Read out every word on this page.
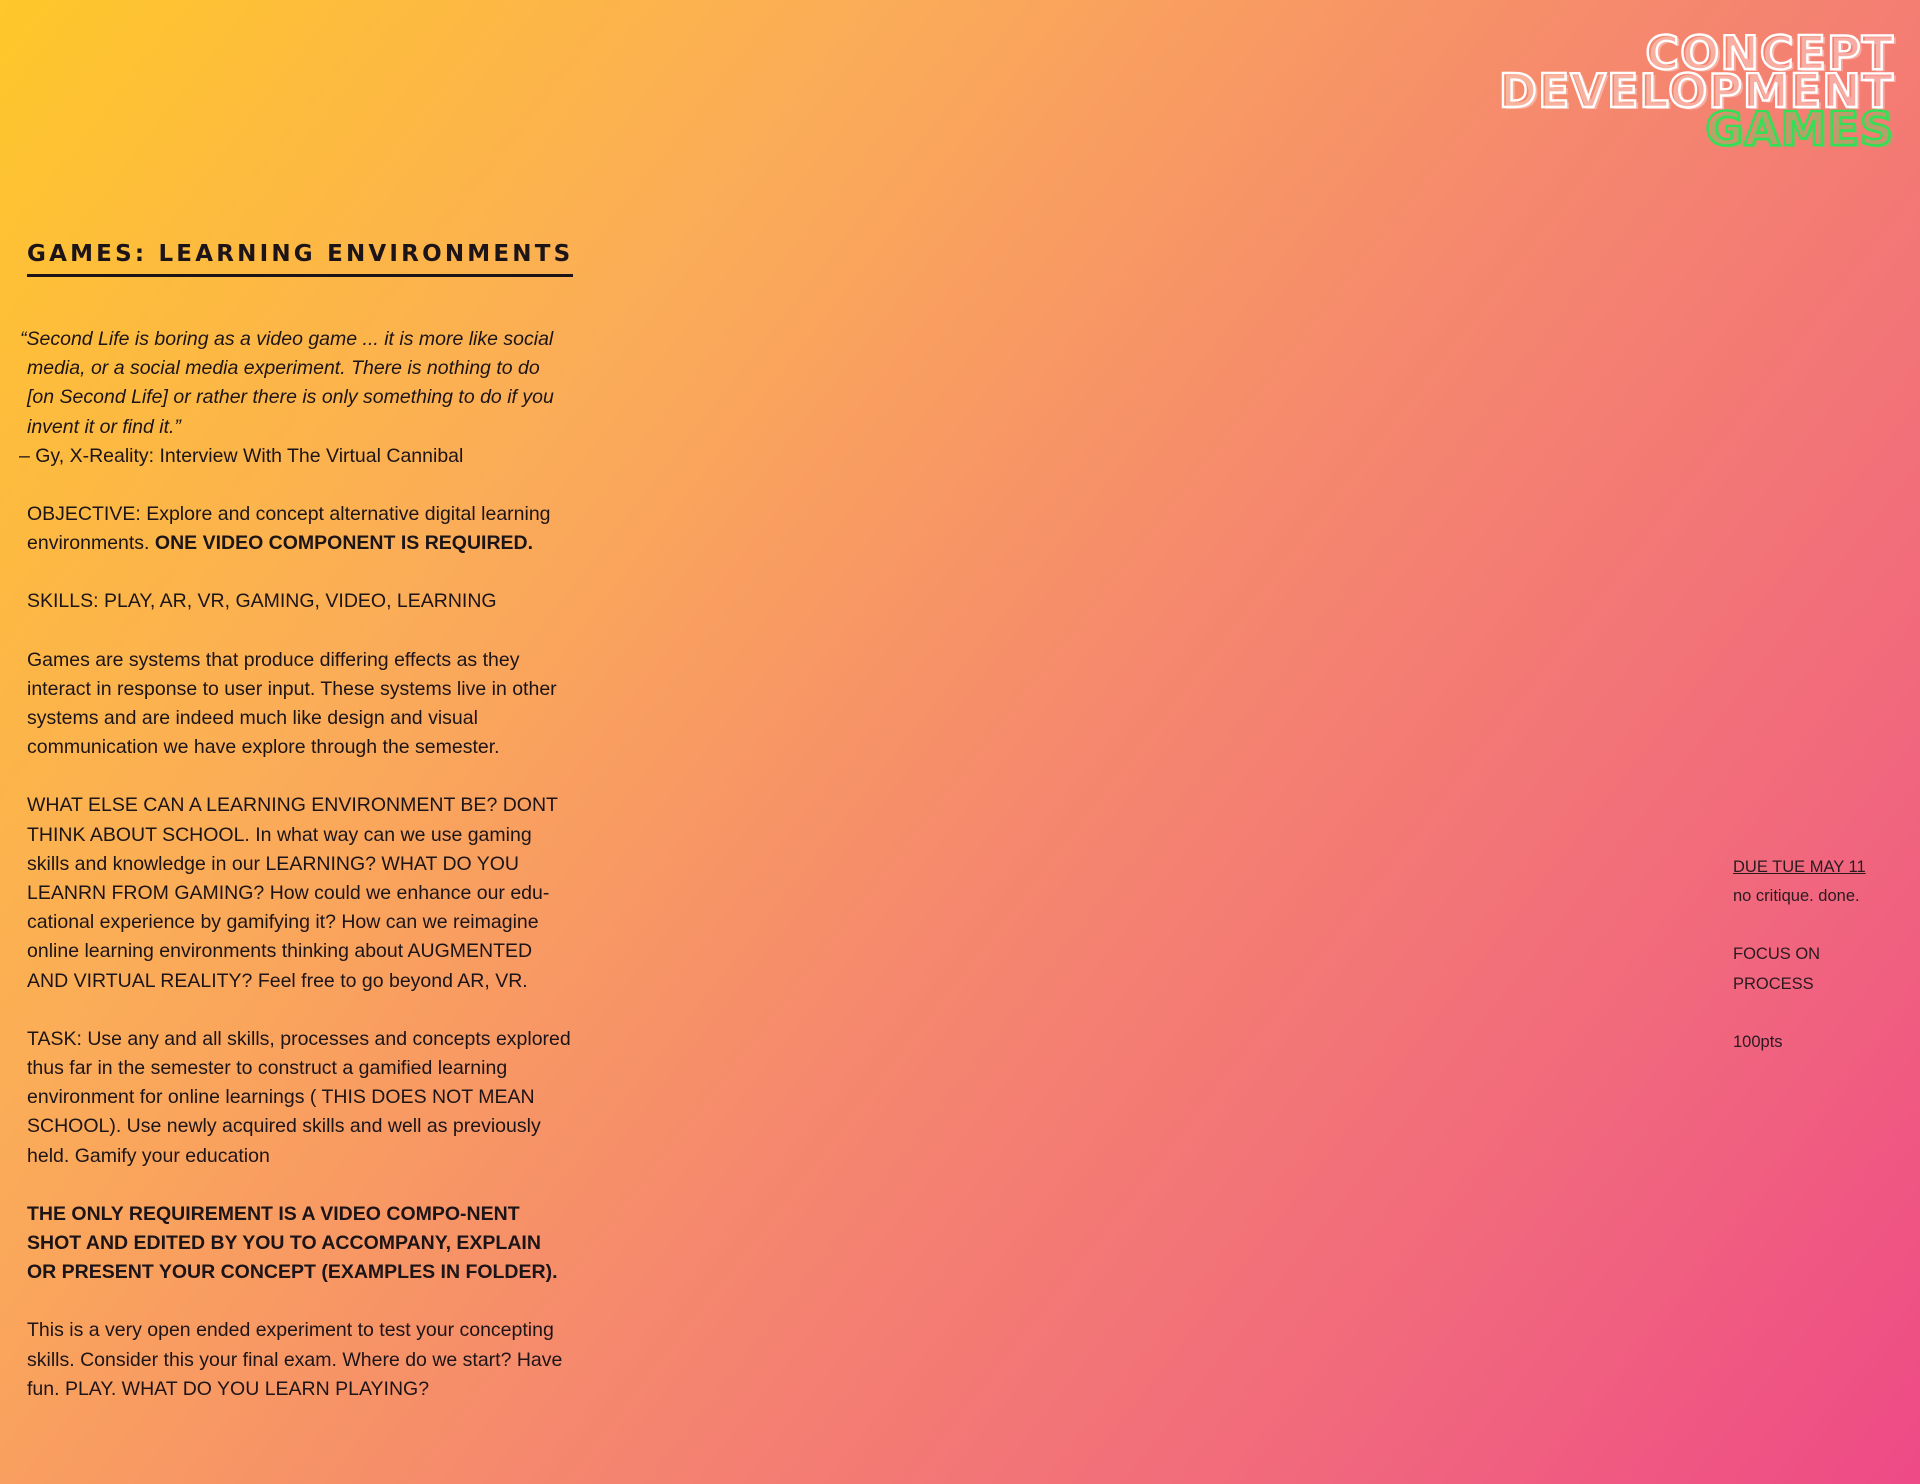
CONCEPT
DEVELOPMENT
GAMES
GAMES: LEARNING ENVIRONMENTS
“Second Life is boring as a video game ... it is more like social media, or a social media experiment. There is nothing to do [on Second Life] or rather there is only something to do if you invent it or find it.”
– Gy, X-Reality: Interview With The Virtual Cannibal
OBJECTIVE: Explore and concept alternative digital learning environments. ONE VIDEO COMPONENT IS REQUIRED.
SKILLS: PLAY, AR, VR, GAMING, VIDEO, LEARNING
Games are systems that produce differing effects as they interact in response to user input. These systems live in other systems and are indeed much like design and visual communication we have explore through the semester.
WHAT ELSE CAN A LEARNING ENVIRONMENT BE? DONT THINK ABOUT SCHOOL. In what way can we use gaming skills and knowledge in our LEARNING? WHAT DO YOU LEANRN FROM GAMING? How could we enhance our edu-cational experience by gamifying it? How can we reimagine online learning environments thinking about AUGMENTED AND VIRTUAL REALITY? Feel free to go beyond AR, VR.
TASK: Use any and all skills, processes and concepts explored thus far in the semester to construct a gamified learning environment for online learnings ( THIS DOES NOT MEAN SCHOOL). Use newly acquired skills and well as previously held. Gamify your education
THE ONLY REQUIREMENT IS A VIDEO COMPO-NENT SHOT AND EDITED BY YOU TO ACCOMPANY, EXPLAIN OR PRESENT YOUR CONCEPT (EXAMPLES IN FOLDER).
This is a very open ended experiment to test your concepting skills. Consider this your final exam. Where do we start? Have fun. PLAY. WHAT DO YOU LEARN PLAYING?
DUE TUE MAY 11
no critique. done.
FOCUS ON
PROCESS
100pts
